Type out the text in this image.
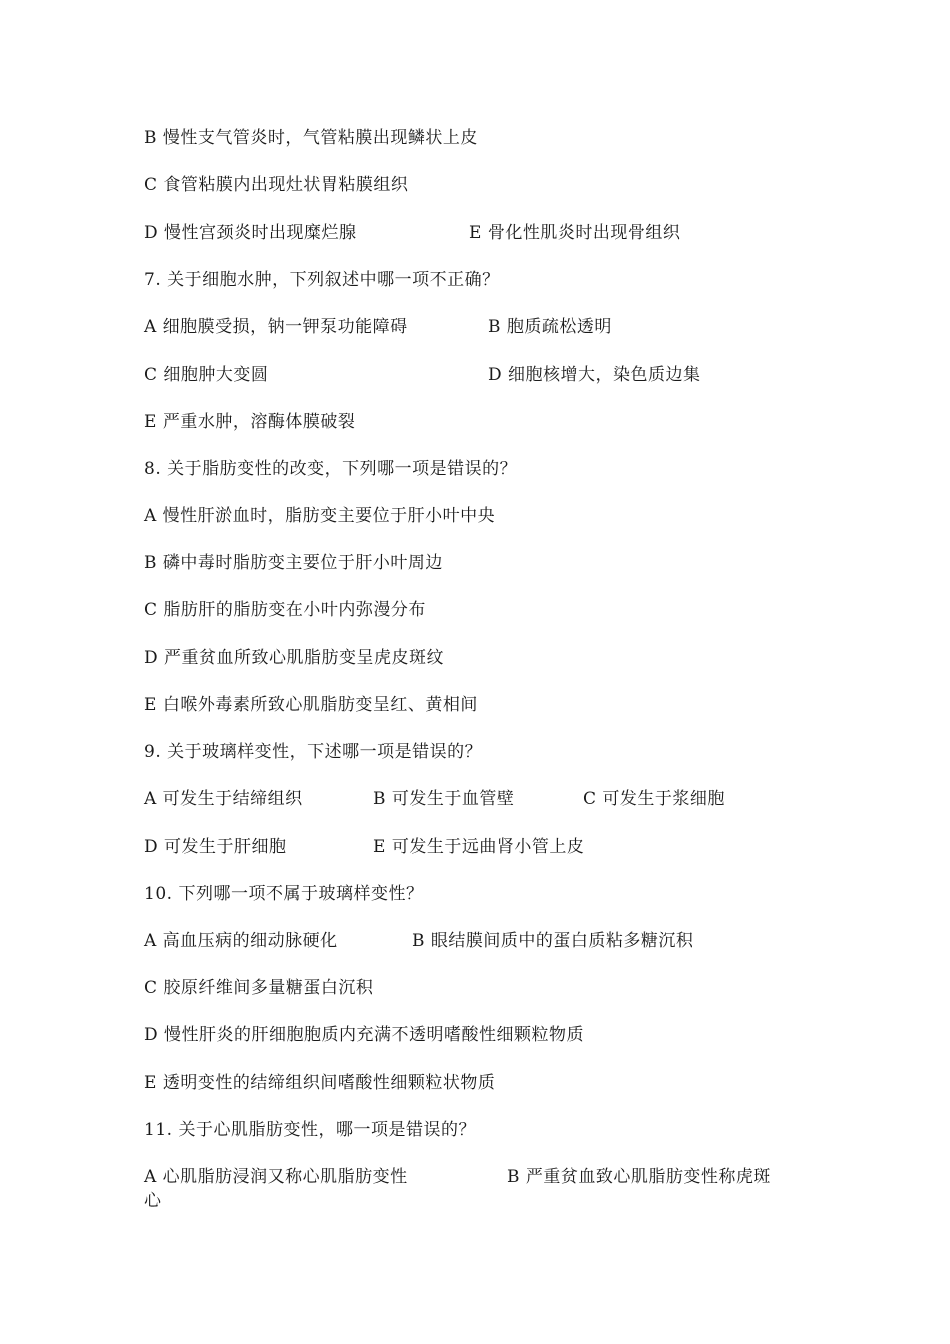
B 慢性支气管炎时，气管粘膜出现鳞状上皮
C 食管粘膜内出现灶状胃粘膜组织
D 慢性宫颈炎时出现糜烂腺	E 骨化性肌炎时出现骨组织
7. 关于细胞水肿，下列叙述中哪一项不正确？
A 细胞膜受损，钠一钾泵功能障碍	B 胞质疏松透明
C 细胞肿大变圆	D 细胞核增大，染色质边集
E 严重水肿，溶酶体膜破裂
8. 关于脂肪变性的改变，下列哪一项是错误的？
A 慢性肝淤血时，脂肪变主要位于肝小叶中央
B 磷中毒时脂肪变主要位于肝小叶周边
C 脂肪肝的脂肪变在小叶内弥漫分布
D 严重贫血所致心肌脂肪变呈虎皮斑纹
E 白喉外毒素所致心肌脂肪变呈红、黄相间
9. 关于玻璃样变性，下述哪一项是错误的？
A 可发生于结缔组织	B 可发生于血管壁	C 可发生于浆细胞
D 可发生于肝细胞	E 可发生于远曲肾小管上皮
10. 下列哪一项不属于玻璃样变性？
A 高血压病的细动脉硬化	B 眼结膜间质中的蛋白质粘多糖沉积
C 胶原纤维间多量糖蛋白沉积
D 慢性肝炎的肝细胞胞质内充满不透明嗜酸性细颗粒物质
E 透明变性的结缔组织间嗜酸性细颗粒状物质
11. 关于心肌脂肪变性，哪一项是错误的？
A 心肌脂肪浸润又称心肌脂肪变性	B 严重贫血致心肌脂肪变性称虎斑
心
